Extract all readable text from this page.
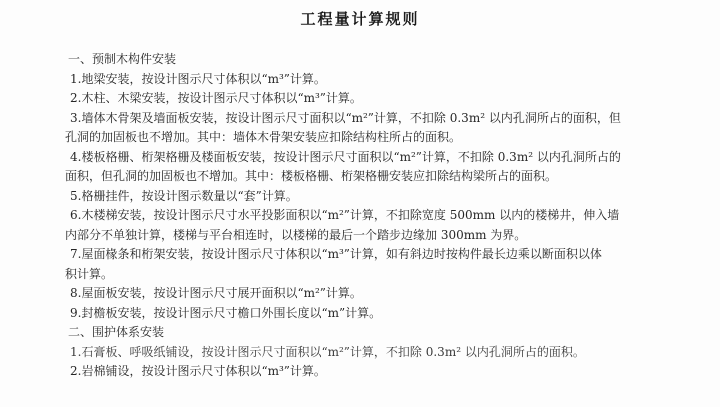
工程量计算规则
一、预制木构件安装
1.地梁安装，按设计图示尺寸体积以“m³”计算。
2.木柱、木梁安装，按设计图示尺寸体积以“m³”计算。
3.墙体木骨架及墙面板安装，按设计图示尺寸面积以“m²”计算，不扣除 0.3m² 以内孔洞所占的面积，但
孔洞的加固板也不增加。其中：墙体木骨架安装应扣除结构柱所占的面积。
4.楼板格栅、桁架格栅及楼面板安装，按设计图示尺寸面积以“m²”计算，不扣除 0.3m² 以内孔洞所占的
面积，但孔洞的加固板也不增加。其中：楼板格栅、桁架格栅安装应扣除结构梁所占的面积。
5.格栅挂件，按设计图示数量以“套”计算。
6.木楼梯安装，按设计图示尺寸水平投影面积以“m²”计算，不扣除宽度 500mm 以内的楼梯井，伸入墙
内部分不单独计算，楼梯与平台相连时，以楼梯的最后一个踏步边缘加 300mm 为界。
7.屋面椽条和桁架安装，按设计图示尺寸体积以“m³”计算，如有斜边时按构件最长边乘以断面积以体
积计算。
8.屋面板安装，按设计图示尺寸展开面积以“m²”计算。
9.封檐板安装，按设计图示尺寸檐口外围长度以“m”计算。
二、围护体系安装
1.石膏板、呼吸纸铺设，按设计图示尺寸面积以“m²”计算，不扣除 0.3m² 以内孔洞所占的面积。
2.岩棉铺设，按设计图示尺寸体积以“m³”计算。
